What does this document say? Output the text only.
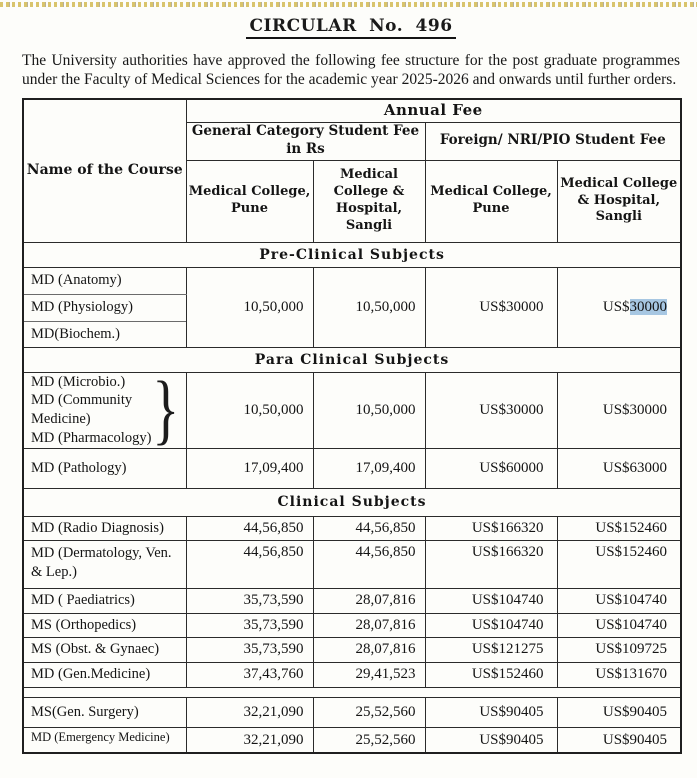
CIRCULAR No. 496

The University authorities have approved the following fee structure for the post graduate programmes under the Faculty of Medical Sciences for the academic year 2025-2026 and onwards until further orders.

Name of the Course	Annual Fee			
	General Category Student Fee in Rs		Foreign/ NRI/PIO Student Fee	
	Medical College, Pune	Medical College & Hospital, Sangli	Medical College, Pune	Medical College & Hospital, Sangli
Pre-Clinical Subjects				
MD (Anatomy)	10,50,000	10,50,000	US$30000	US$30000
MD (Physiology)				
MD(Biochem.)				
Para Clinical Subjects				

MD (Microbio.)
MD (Community Medicine)
MD (Pharmacology) }	10,50,000	10,50,000	US$30000	US$30000
MD (Pathology)	17,09,400	17,09,400	US$60000	US$63000
Clinical Subjects				
MD (Radio Diagnosis)	44,56,850	44,56,850	US$166320	US$152460
MD (Dermatology, Ven. & Lep.)	44,56,850	44,56,850	US$166320	US$152460
MD ( Paediatrics)	35,73,590	28,07,816	US$104740	US$104740
MS (Orthopedics)	35,73,590	28,07,816	US$104740	US$104740
MS (Obst. & Gynaec)	35,73,590	28,07,816	US$121275	US$109725
MD (Gen.Medicine)	37,43,760	29,41,523	US$152460	US$131670

MS(Gen. Surgery)	32,21,090	25,52,560	US$90405	US$90405
MD (Emergency Medicine)	32,21,090	25,52,560	US$90405	US$90405
